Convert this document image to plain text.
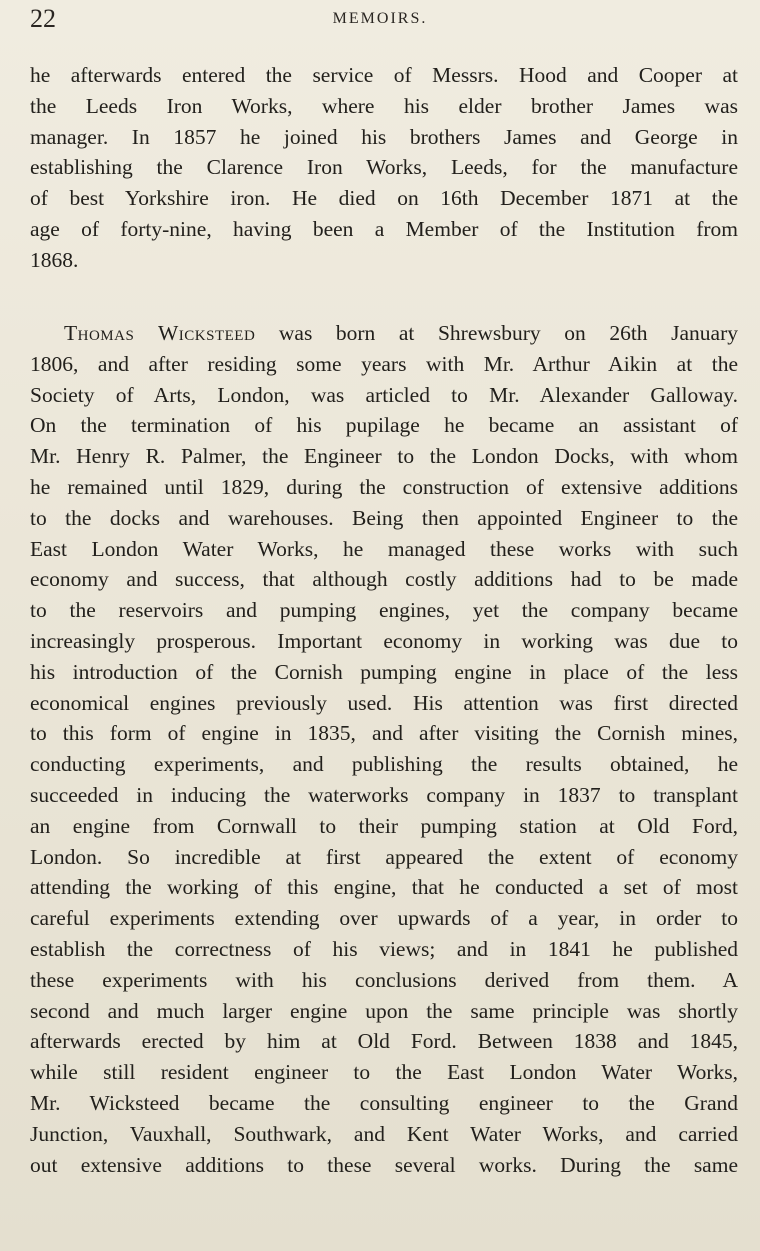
22	MEMOIRS.
he afterwards entered the service of Messrs. Hood and Cooper at
the Leeds Iron Works, where his elder brother James was
manager. In 1857 he joined his brothers James and George in
establishing the Clarence Iron Works, Leeds, for the manufacture
of best Yorkshire iron. He died on 16th December 1871 at the
age of forty-nine, having been a Member of the Institution from
1868.
Thomas Wicksteed was born at Shrewsbury on 26th January
1806, and after residing some years with Mr. Arthur Aikin at the
Society of Arts, London, was articled to Mr. Alexander Galloway.
On the termination of his pupilage he became an assistant of
Mr. Henry R. Palmer, the Engineer to the London Docks, with whom
he remained until 1829, during the construction of extensive additions
to the docks and warehouses. Being then appointed Engineer to the
East London Water Works, he managed these works with such
economy and success, that although costly additions had to be made
to the reservoirs and pumping engines, yet the company became
increasingly prosperous. Important economy in working was due to
his introduction of the Cornish pumping engine in place of the less
economical engines previously used. His attention was first directed
to this form of engine in 1835, and after visiting the Cornish mines,
conducting experiments, and publishing the results obtained, he
succeeded in inducing the waterworks company in 1837 to transplant
an engine from Cornwall to their pumping station at Old Ford,
London. So incredible at first appeared the extent of economy
attending the working of this engine, that he conducted a set of most
careful experiments extending over upwards of a year, in order to
establish the correctness of his views; and in 1841 he published
these experiments with his conclusions derived from them. A
second and much larger engine upon the same principle was shortly
afterwards erected by him at Old Ford. Between 1838 and 1845,
while still resident engineer to the East London Water Works,
Mr. Wicksteed became the consulting engineer to the Grand
Junction, Vauxhall, Southwark, and Kent Water Works, and carried
out extensive additions to these several works. During the same
